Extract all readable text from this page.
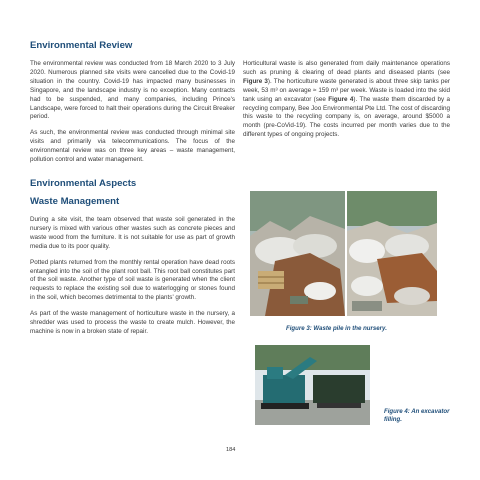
Environmental Review

The environmental review was conducted from 18 March 2020 to 3 July 2020. Numerous planned site visits were cancelled due to the Covid-19 situation in the country. Covid-19 has impacted many businesses in Singapore, and the landscape industry is no exception. Many contracts had to be suspended, and many companies, including Prince's Landscape, were forced to halt their operations during the Circuit Breaker period.

As such, the environmental review was conducted through minimal site visits and primarily via telecommunications. The focus of the environmental review was on three key areas – waste management, pollution control and water management.

Environmental Aspects
Waste Management

During a site visit, the team observed that waste soil generated in the nursery is mixed with various other wastes such as concrete pieces and waste wood from the furniture. It is not suitable for use as part of growth media due to its poor quality.

Potted plants returned from the monthly rental operation have dead roots entangled into the soil of the plant root ball. This root ball constitutes part of the soil waste. Another type of soil waste is generated when the client requests to replace the existing soil due to waterlogging or stones found in the soil, which becomes detrimental to the plants' growth.

As part of the waste management of horticulture waste in the nursery, a shredder was used to process the waste to create mulch. However, the machine is now in a broken state of repair.

Horticultural waste is also generated from daily maintenance operations such as pruning & clearing of dead plants and diseased plants (see Figure 3). The horticulture waste generated is about three skip tanks per week, 53 m³ on average ≈ 159 m³ per week. Waste is loaded into the skid tank using an excavator (see Figure 4). The waste them discarded by a recycling company, Bee Joo Environmental Pte Ltd. The cost of discarding this waste to the recycling company is, on average, around $5000 a month (pre-CoVid-19). The costs incurred per month varies due to the different types of ongoing projects.

Figure 3: Waste pile in the nursery.
Figure 4: An excavator filling.
184
